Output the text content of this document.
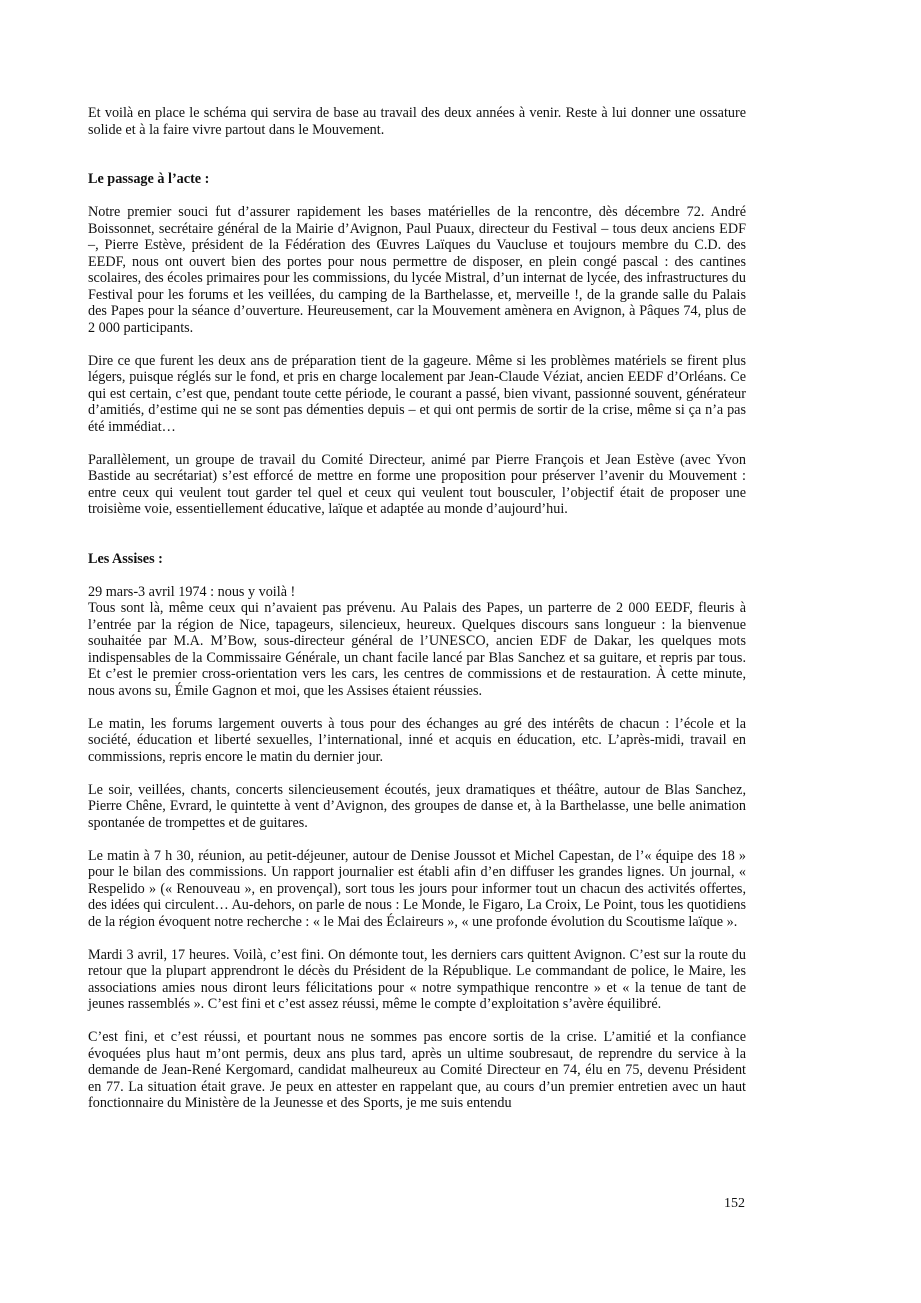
Et voilà en place le schéma qui servira de base au travail des deux années à venir. Reste à lui donner une ossature solide et à la faire vivre partout dans le Mouvement.

Le passage à l’acte :

Notre premier souci fut d’assurer rapidement les bases matérielles de la rencontre, dès décembre 72. André Boissonnet, secrétaire général de la Mairie d’Avignon, Paul Puaux, directeur du Festival – tous deux anciens EDF –, Pierre Estève, président de la Fédération des Œuvres Laïques du Vaucluse et toujours membre du C.D. des EEDF, nous ont ouvert bien des portes pour nous permettre de disposer, en plein congé pascal : des cantines scolaires, des écoles primaires pour les commissions, du lycée Mistral, d’un internat de lycée, des infrastructures du Festival pour les forums et les veillées, du camping de la Barthelasse, et, merveille !, de la grande salle du Palais des Papes pour la séance d’ouverture. Heureusement, car la Mouvement amènera en Avignon, à Pâques 74, plus de 2 000 participants.

Dire ce que furent les deux ans de préparation tient de la gageure. Même si les problèmes matériels se firent plus légers, puisque réglés sur le fond, et pris en charge localement par Jean-Claude Véziat, ancien EEDF d’Orléans. Ce qui est certain, c’est que, pendant toute cette période, le courant a passé, bien vivant, passionné souvent, générateur d’amitiés, d’estime qui ne se sont pas démenties depuis – et qui ont permis de sortir de la crise, même si ça n’a pas été immédiat…

Parallèlement, un groupe de travail du Comité Directeur, animé par Pierre François et Jean Estève (avec Yvon Bastide au secrétariat) s’est efforcé de mettre en forme une proposition pour préserver l’avenir du Mouvement : entre ceux qui veulent tout garder tel quel et ceux qui veulent tout bousculer, l’objectif était de proposer une troisième voie, essentiellement éducative, laïque et adaptée au monde d’aujourd’hui.

Les Assises :

29 mars-3 avril 1974 : nous y voilà !

Tous sont là, même ceux qui n’avaient pas prévenu. Au Palais des Papes, un parterre de 2 000 EEDF, fleuris à l’entrée par la région de Nice, tapageurs, silencieux, heureux. Quelques discours sans longueur : la bienvenue souhaitée par M.A. M’Bow, sous-directeur général de l’UNESCO, ancien EDF de Dakar, les quelques mots indispensables de la Commissaire Générale, un chant facile lancé par Blas Sanchez et sa guitare, et repris par tous. Et c’est le premier cross-orientation vers les cars, les centres de commissions et de restauration. À cette minute, nous avons su, Émile Gagnon et moi, que les Assises étaient réussies.

Le matin, les forums largement ouverts à tous pour des échanges au gré des intérêts de chacun : l’école et la société, éducation et liberté sexuelles, l’international, inné et acquis en éducation, etc. L’après-midi, travail en commissions, repris encore le matin du dernier jour.

Le soir, veillées, chants, concerts silencieusement écoutés, jeux dramatiques et théâtre, autour de Blas Sanchez, Pierre Chêne, Evrard, le quintette à vent d’Avignon, des groupes de danse et, à la Barthelasse, une belle animation spontanée de trompettes et de guitares.

Le matin à 7 h 30, réunion, au petit-déjeuner, autour de Denise Joussot et Michel Capestan, de l’« équipe des 18 » pour le bilan des commissions. Un rapport journalier est établi afin d’en diffuser les grandes lignes. Un journal, « Respelido » (« Renouveau », en provençal), sort tous les jours pour informer tout un chacun des activités offertes, des idées qui circulent… Au-dehors, on parle de nous : Le Monde, le Figaro, La Croix, Le Point, tous les quotidiens de la région évoquent notre recherche : « le Mai des Éclaireurs », « une profonde évolution du Scoutisme laïque ».

Mardi 3 avril, 17 heures. Voilà, c’est fini. On démonte tout, les derniers cars quittent Avignon. C’est sur la route du retour que la plupart apprendront le décès du Président de la République. Le commandant de police, le Maire, les associations amies nous diront leurs félicitations pour « notre sympathique rencontre » et « la tenue de tant de jeunes rassemblés ». C’est fini et c’est assez réussi, même le compte d’exploitation s’avère équilibré.

C’est fini, et c’est réussi, et pourtant nous ne sommes pas encore sortis de la crise. L’amitié et la confiance évoquées plus haut m’ont permis, deux ans plus tard, après un ultime soubresaut, de reprendre du service à la demande de Jean-René Kergomard, candidat malheureux au Comité Directeur en 74, élu en 75, devenu Président en 77. La situation était grave. Je peux en attester en rappelant que, au cours d’un premier entretien avec un haut fonctionnaire du Ministère de la Jeunesse et des Sports, je me suis entendu

152
